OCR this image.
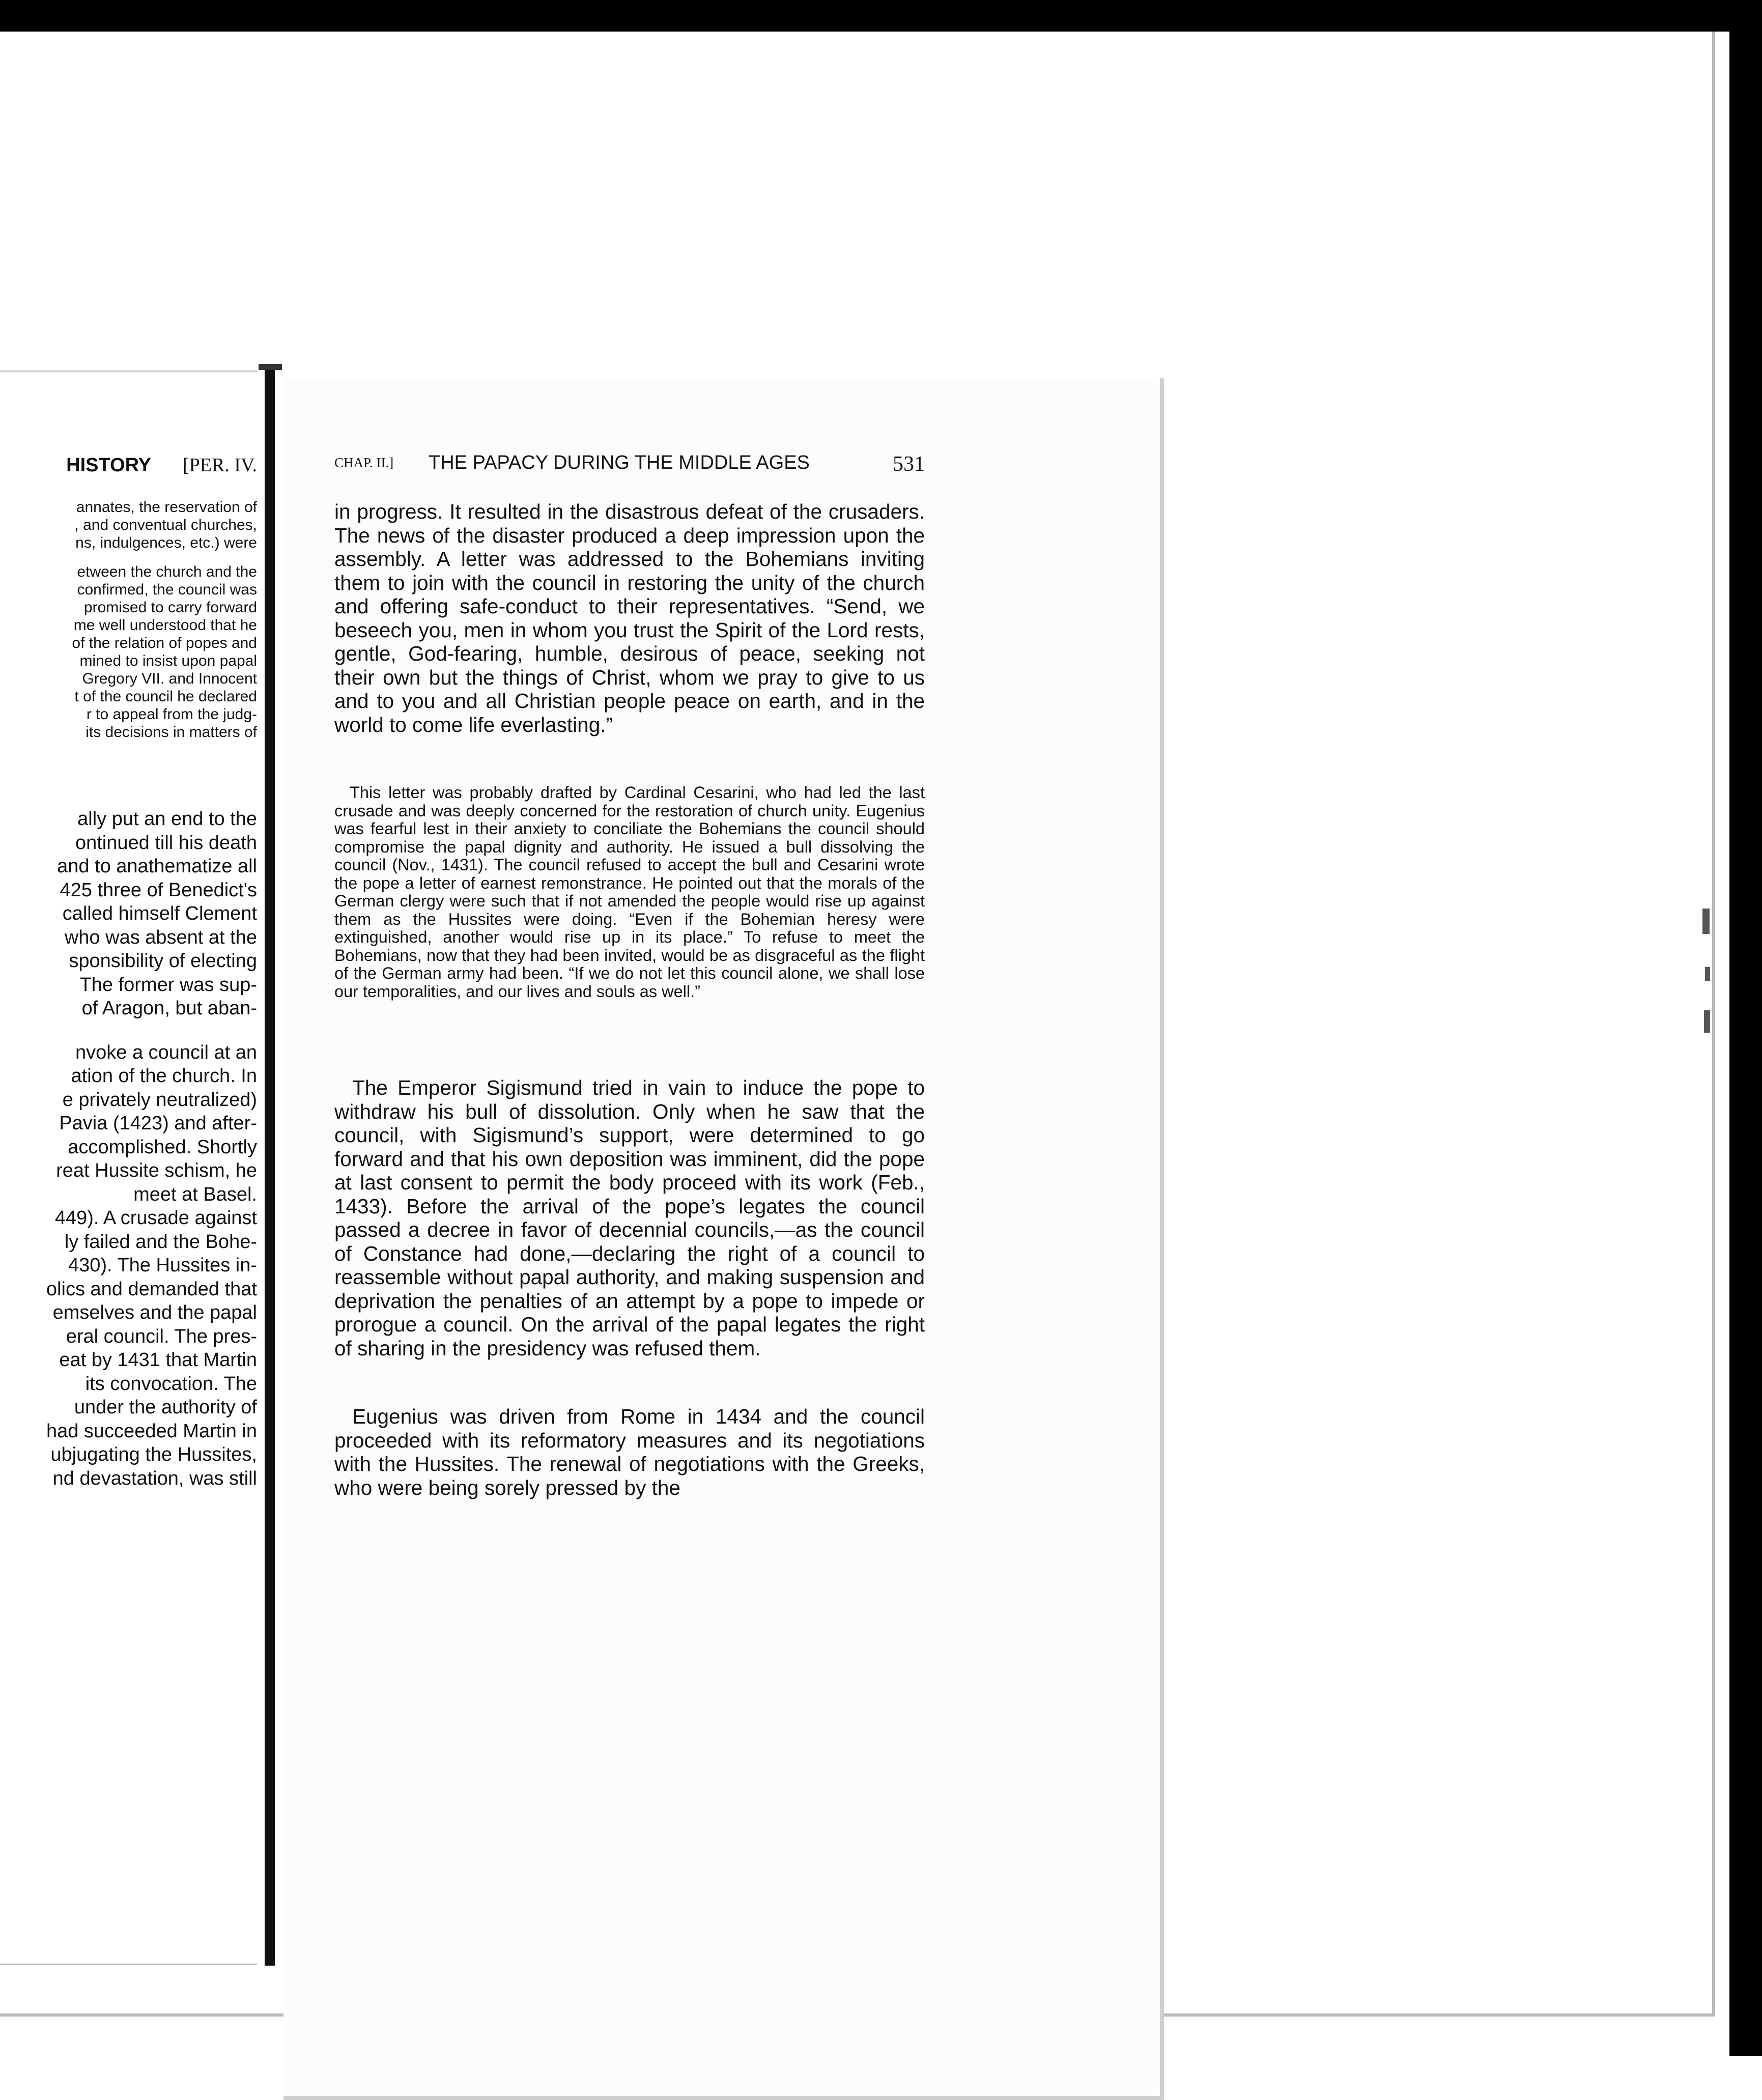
HISTORY [PER. IV.
annates, the reservation of
, and conventual churches,
ns, indulgences, etc.) were
etween the church and the
confirmed, the council was
promised to carry forward
me well understood that he
of the relation of popes and
mined to insist upon papal
Gregory VII. and Innocent
t of the council he declared
r to appeal from the judg-
its decisions in matters of
ally put an end to the
ontinued till his death
and to anathematize all
425 three of Benedict's
called himself Clement
who was absent at the
sponsibility of electing
The former was sup-
of Aragon, but aban-
nvoke a council at an
ation of the church. In
e privately neutralized)
Pavia (1423) and after-
accomplished. Shortly
reat Hussite schism, he
meet at Basel.
449). A crusade against
ly failed and the Bohe-
430). The Hussites in-
olics and demanded that
emselves and the papal
eral council. The pres-
eat by 1431 that Martin
its convocation. The
under the authority of
had succeeded Martin in
ubjugating the Hussites,
nd devastation, was still
CHAP. II.] THE PAPACY DURING THE MIDDLE AGES	531

in progress. It resulted in the disastrous defeat of the crusaders. The news of the disaster produced a deep impression upon the assembly. A letter was addressed to the Bohemians inviting them to join with the council in restoring the unity of the church and offering safe-conduct to their representatives. “Send, we beseech you, men in whom you trust the Spirit of the Lord rests, gentle, God-fearing, humble, desirous of peace, seeking not their own but the things of Christ, whom we pray to give to us and to you and all Christian people peace on earth, and in the world to come life everlasting.”

This letter was probably drafted by Cardinal Cesarini, who had led the last crusade and was deeply concerned for the restoration of church unity. Eugenius was fearful lest in their anxiety to conciliate the Bohemians the council should compromise the papal dignity and authority. He issued a bull dissolving the council (Nov., 1431). The council refused to accept the bull and Cesarini wrote the pope a letter of earnest remonstrance. He pointed out that the morals of the German clergy were such that if not amended the people would rise up against them as the Hussites were doing. “Even if the Bohemian heresy were extinguished, another would rise up in its place.” To refuse to meet the Bohemians, now that they had been invited, would be as disgraceful as the flight of the German army had been. “If we do not let this council alone, we shall lose our temporalities, and our lives and souls as well.”

The Emperor Sigismund tried in vain to induce the pope to withdraw his bull of dissolution. Only when he saw that the council, with Sigismund’s support, were determined to go forward and that his own deposition was imminent, did the pope at last consent to permit the body proceed with its work (Feb., 1433). Before the arrival of the pope’s legates the council passed a decree in favor of decennial councils,—as the council of Constance had done,—declaring the right of a council to reassemble without papal authority, and making suspension and deprivation the penalties of an attempt by a pope to impede or prorogue a council. On the arrival of the papal legates the right of sharing in the presidency was refused them.

Eugenius was driven from Rome in 1434 and the council proceeded with its reformatory measures and its negotiations with the Hussites. The renewal of negotiations with the Greeks, who were being sorely pressed by the
